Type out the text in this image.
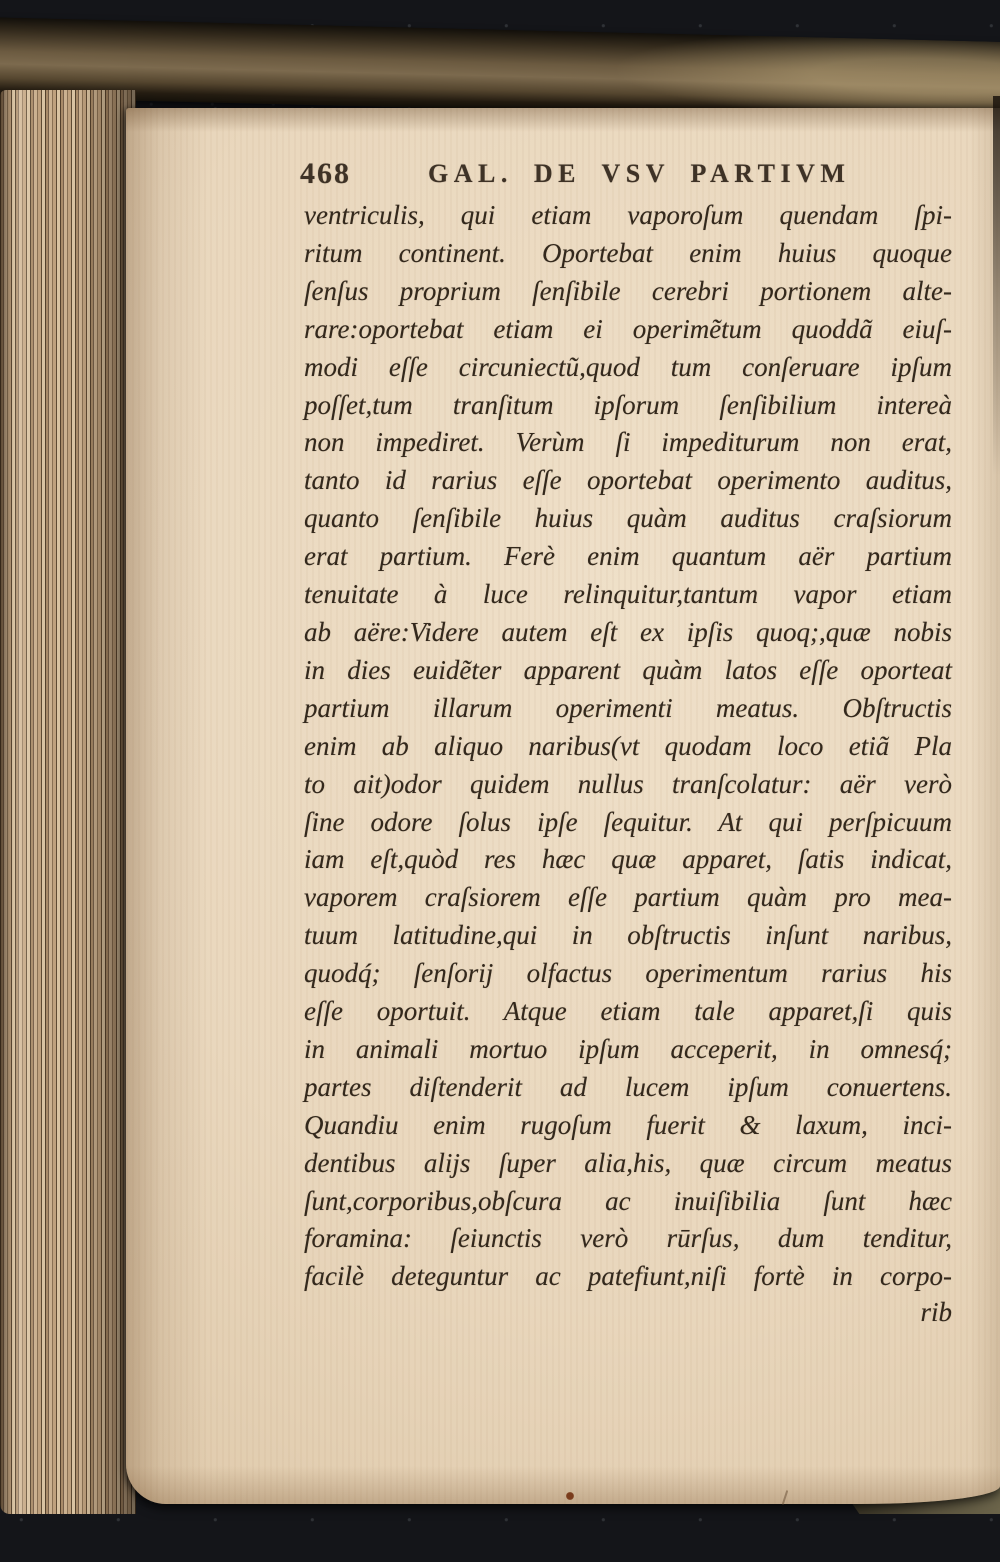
468	GAL. DE VSV PARTIVM
ventriculis, qui etiam vaporoſum quendam ſpi-
ritum continent. Oportebat enim huius quoque
ſenſus proprium ſenſibile cerebri portionem alte-
rare:oportebat etiam ei operimẽtum quoddã eiuſ-
modi eſſe circuniectũ,quod tum conſeruare ipſum
poſſet,tum tranſitum ipſorum ſenſibilium intereà
non impediret. Verùm ſi impediturum non erat,
tanto id rarius eſſe oportebat operimento auditus,
quanto ſenſibile huius quàm auditus craſsiorum
erat partium. Ferè enim quantum aër partium
tenuitate à luce relinquitur,tantum vapor etiam
ab aëre:Videre autem eſt ex ipſis quoq;,quæ nobis
in dies euidẽter apparent quàm latos eſſe oporteat
partium illarum operimenti meatus. Obſtructis
enim ab aliquo naribus(vt quodam loco etiã Pla
to ait)odor quidem nullus tranſcolatur: aër verò
ſine odore ſolus ipſe ſequitur. At qui perſpicuum
iam eſt,quòd res hæc quæ apparet, ſatis indicat,
vaporem craſsiorem eſſe partium quàm pro mea-
tuum latitudine,qui in obſtructis inſunt naribus,
quodq́; ſenſorij olfactus operimentum rarius his
eſſe oportuit. Atque etiam tale apparet,ſi quis
in animali mortuo ipſum acceperit, in omnesq́;
partes diſtenderit ad lucem ipſum conuertens.
Quandiu enim rugoſum fuerit & laxum, inci-
dentibus alijs ſuper alia,his, quæ circum meatus
ſunt,corporibus,obſcura ac inuiſibilia ſunt hæc
foramina: ſeiunctis verò rūrſus, dum tenditur,
facilè deteguntur ac patefiunt,niſi fortè in corpo-
rib
